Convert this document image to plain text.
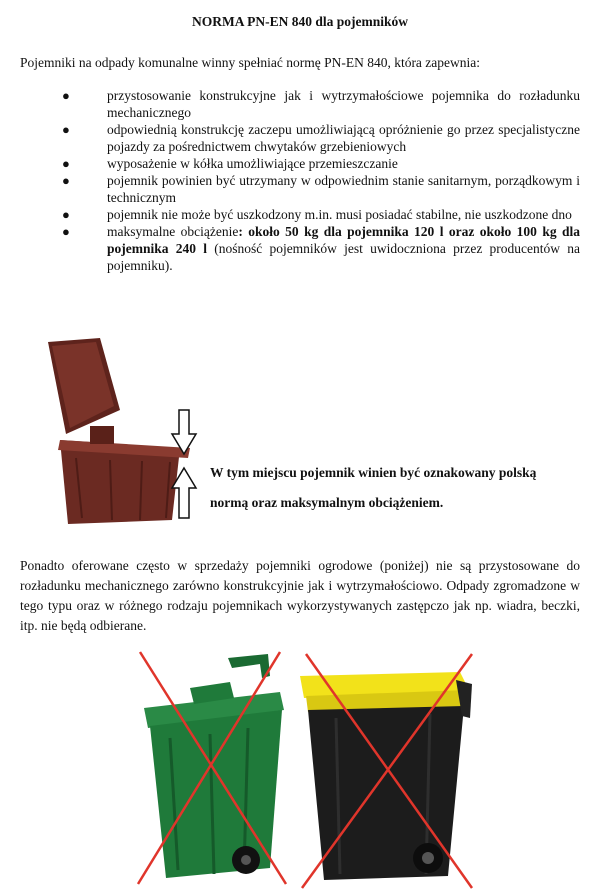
NORMA PN-EN 840 dla pojemników
Pojemniki na odpady komunalne winny spełniać normę PN-EN 840, która zapewnia:
●	przystosowanie konstrukcyjne jak i wytrzymałościowe pojemnika do rozładunku mechanicznego
●	odpowiednią konstrukcję zaczepu umożliwiającą opróżnienie go przez specjalistyczne pojazdy za pośrednictwem chwytaków grzebieniowych
●	wyposażenie w kółka umożliwiające przemieszczanie
●	pojemnik powinien być utrzymany w odpowiednim stanie sanitarnym, porządkowym i technicznym
●	pojemnik nie może być uszkodzony m.in. musi posiadać stabilne, nie uszkodzone dno
●	maksymalne obciążenie: około 50 kg dla pojemnika 120 l oraz około 100 kg dla pojemnika 240 l (nośność pojemników jest uwidoczniona przez producentów na pojemniku).
W tym miejscu pojemnik winien być oznakowany polską
normą oraz maksymalnym obciążeniem.
Ponadto oferowane często w sprzedaży pojemniki ogrodowe (poniżej) nie są przystosowane do rozładunku mechanicznego zarówno konstrukcyjnie jak i wytrzymałościowo. Odpady zgromadzone w tego typu oraz w różnego rodzaju pojemnikach wykorzystywanych zastępczo jak np. wiadra, beczki, itp. nie będą odbierane.
